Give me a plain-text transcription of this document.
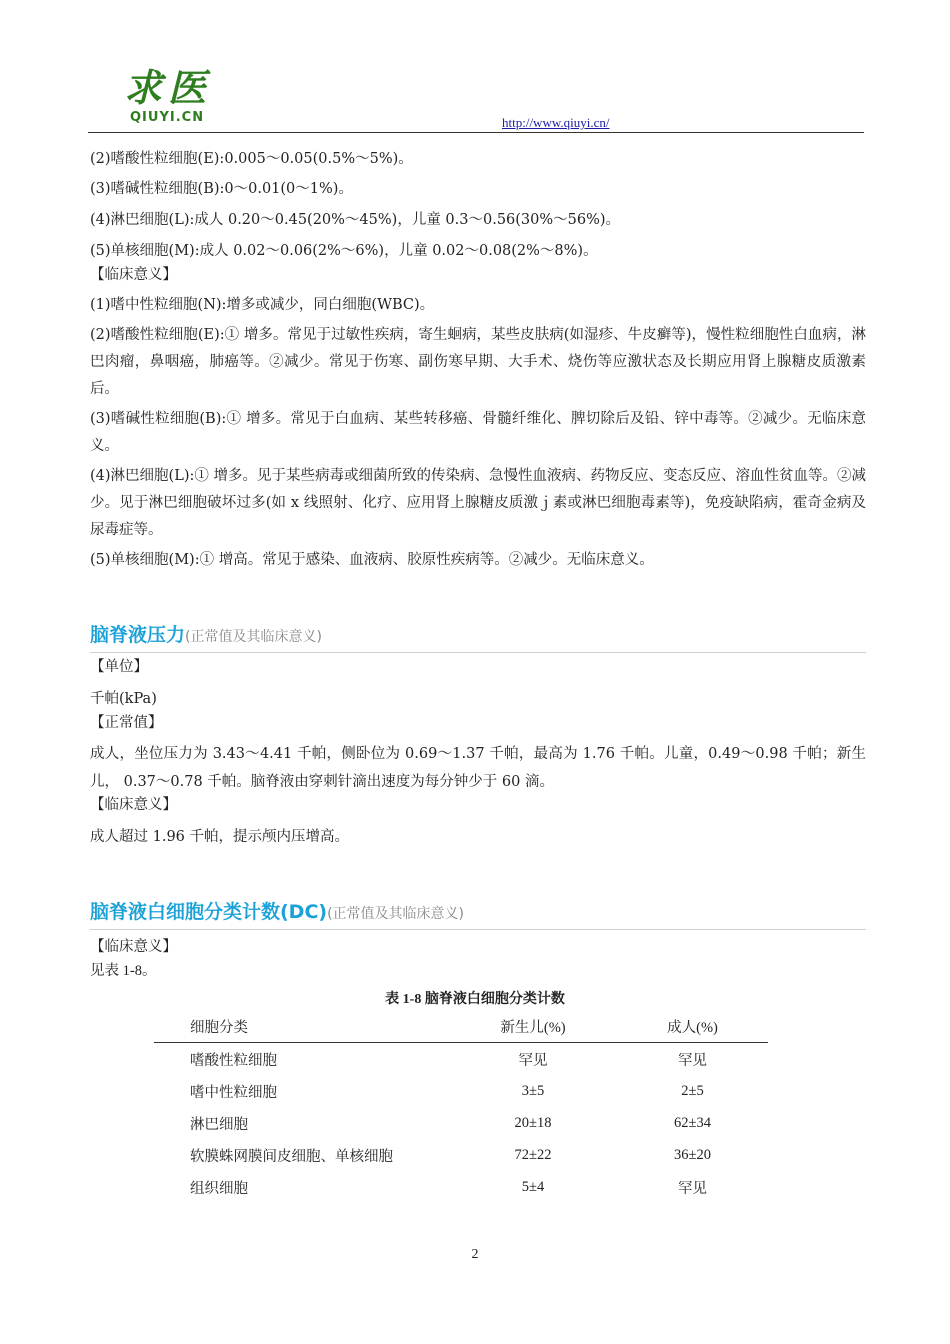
求医
QIUYI.CN	http://www.qiuyi.cn/
(2)嗜酸性粒细胞(E):0.005～0.05(0.5%～5%)。
(3)嗜碱性粒细胞(B):0～0.01(0～1%)。
(4)淋巴细胞(L):成人 0.20～0.45(20%～45%)，儿童 0.3～0.56(30%～56%)。
(5)单核细胞(M):成人 0.02～0.06(2%～6%)，儿童 0.02～0.08(2%～8%)。
【临床意义】
(1)嗜中性粒细胞(N):增多或减少，同白细胞(WBC)。
(2)嗜酸性粒细胞(E):① 增多。常见于过敏性疾病，寄生蛔病，某些皮肤病(如湿疹、牛皮癣等)，慢性粒细胞性白血病，淋巴肉瘤，鼻咽癌，肺癌等。②减少。常见于伤寒、副伤寒早期、大手术、烧伤等应激状态及长期应用肾上腺糖皮质激素后。
(3)嗜碱性粒细胞(B):① 增多。常见于白血病、某些转移癌、骨髓纤维化、脾切除后及铅、锌中毒等。②减少。无临床意义。
(4)淋巴细胞(L):① 增多。见于某些病毒或细菌所致的传染病、急慢性血液病、药物反应、变态反应、溶血性贫血等。②减少。见于淋巴细胞破坏过多(如 x 线照射、化疗、应用肾上腺糖皮质激ｊ素或淋巴细胞毒素等)，免疫缺陷病，霍奇金病及尿毒症等。
(5)单核细胞(M):① 增高。常见于感染、血液病、胶原性疾病等。②减少。无临床意义。
脑脊液压力(正常值及其临床意义)
【单位】
千帕(kPa)
【正常值】
成人，坐位压力为 3.43～4.41 千帕，侧卧位为 0.69～1.37 千帕，最高为 1.76 千帕。儿童，0.49～0.98 千帕；新生儿， 0.37～0.78 千帕。脑脊液由穿刺针滴出速度为每分钟少于 60 滴。
【临床意义】
成人超过 1.96 千帕，提示颅内压增高。
脑脊液白细胞分类计数(DC)(正常值及其临床意义)
【临床意义】
见表 1-8。
表 1-8 脑脊液白细胞分类计数
细胞分类	新生儿(%)	成人(%)
嗜酸性粒细胞	罕见	罕见
嗜中性粒细胞	3±5	2±5
淋巴细胞	20±18	62±34
软膜蛛网膜间皮细胞、单核细胞	72±22	36±20
组织细胞	5±4	罕见
2
